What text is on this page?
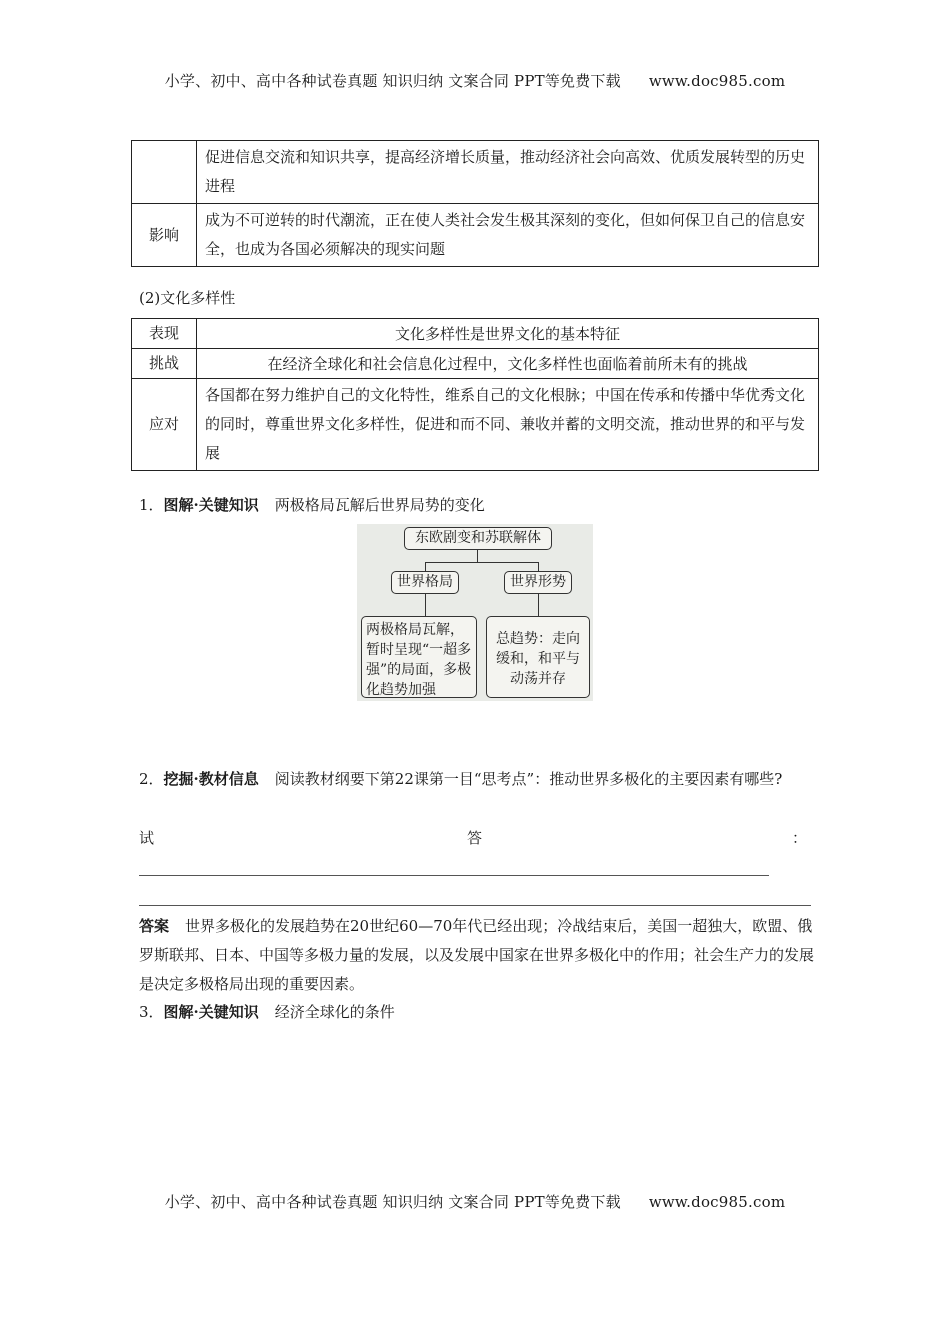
小学、初中、高中各种试卷真题 知识归纳 文案合同 PPT等免费下载 www.doc985.com
	促进信息交流和知识共享，提高经济增长质量，推动经济社会向高效、优质发展转型的历史进程
影响	成为不可逆转的时代潮流，正在使人类社会发生极其深刻的变化，但如何保卫自己的信息安全，也成为各国必须解决的现实问题
(2)文化多样性
表现	文化多样性是世界文化的基本特征
挑战	在经济全球化和社会信息化过程中，文化多样性也面临着前所未有的挑战
应对	各国都在努力维护自己的文化特性，维系自己的文化根脉；中国在传承和传播中华优秀文化的同时，尊重世界文化多样性，促进和而不同、兼收并蓄的文明交流，推动世界的和平与发展
1．图解·关键知识 两极格局瓦解后世界局势的变化
东欧剧变和苏联解体
世界格局	世界形势
两极格局瓦解，暂时呈现“一超多强”的局面，多极化趋势加强
总趋势：走向缓和，和平与动荡并存
2．挖掘·教材信息 阅读教材纲要下第22课第一目“思考点”：推动世界多极化的主要因素有哪些?
试	答	：
答案 世界多极化的发展趋势在20世纪60—70年代已经出现；冷战结束后，美国一超独大，欧盟、俄罗斯联邦、日本、中国等多极力量的发展，以及发展中国家在世界多极化中的作用；社会生产力的发展是决定多极格局出现的重要因素。
3．图解·关键知识 经济全球化的条件
小学、初中、高中各种试卷真题 知识归纳 文案合同 PPT等免费下载 www.doc985.com
